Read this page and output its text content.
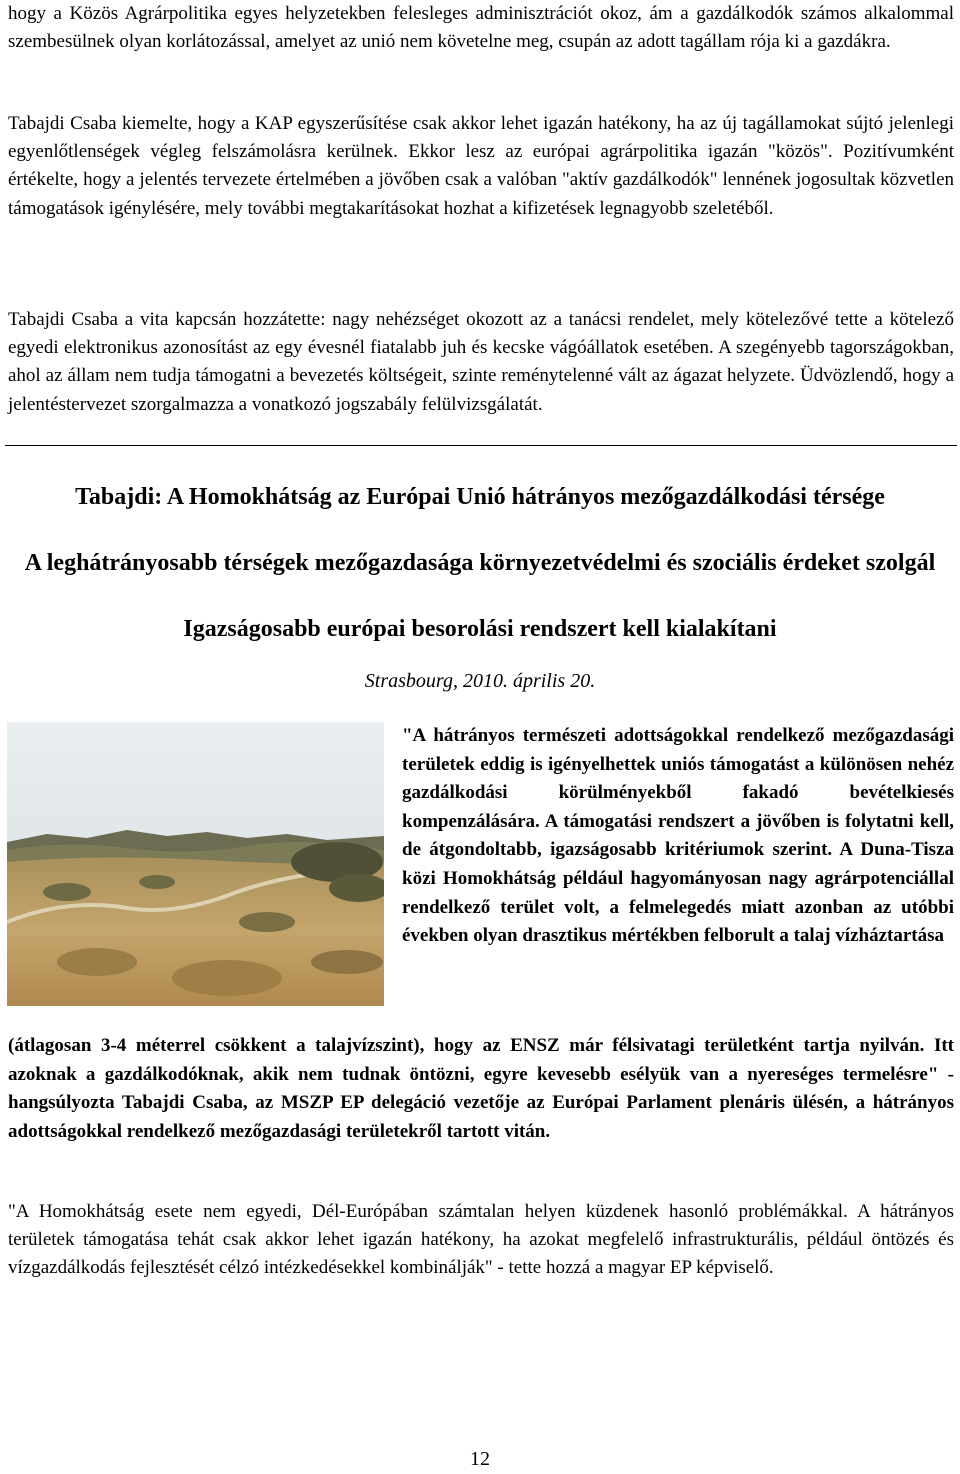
hogy a Közös Agrárpolitika egyes helyzetekben felesleges adminisztrációt okoz, ám a gazdálkodók számos alkalommal szembesülnek olyan korlátozással, amelyet az unió nem követelne meg, csupán az adott tagállam rója ki a gazdákra.

Tabajdi Csaba kiemelte, hogy a KAP egyszerűsítése csak akkor lehet igazán hatékony, ha az új tagállamokat sújtó jelenlegi egyenlőtlenségek végleg felszámolásra kerülnek. Ekkor lesz az európai agrárpolitika igazán "közös". Pozitívumként értékelte, hogy a jelentés tervezete értelmében a jövőben csak a valóban "aktív gazdálkodók" lennének jogosultak közvetlen támogatások igénylésére, mely további megtakarításokat hozhat a kifizetések legnagyobb szeletéből.

Tabajdi Csaba a vita kapcsán hozzátette: nagy nehézséget okozott az a tanácsi rendelet, mely kötelezővé tette a kötelező egyedi elektronikus azonosítást az egy évesnél fiatalabb juh és kecske vágóállatok esetében. A szegényebb tagországokban, ahol az állam nem tudja támogatni a bevezetés költségeit, szinte reménytelenné vált az ágazat helyzete. Üdvözlendő, hogy a jelentéstervezet szorgalmazza a vonatkozó jogszabály felülvizsgálatát.

Tabajdi: A Homokhátság az Európai Unió hátrányos mezőgazdálkodási térsége
A leghátrányosabb térségek mezőgazdasága környezetvédelmi és szociális érdeket szolgál
Igazságosabb európai besorolási rendszert kell kialakítani

Strasbourg, 2010. április 20.

"A hátrányos természeti adottságokkal rendelkező mezőgazdasági területek eddig is igényelhettek uniós támogatást a különösen nehéz gazdálkodási körülményekből fakadó bevételkiesés kompenzálására. A támogatási rendszert a jövőben is folytatni kell, de átgondoltabb, igazságosabb kritériumok szerint. A Duna-Tisza közi Homokhátság például hagyományosan nagy agrárpotenciállal rendelkező terület volt, a felmelegedés miatt azonban az utóbbi években olyan drasztikus mértékben felborult a talaj vízháztartása

(átlagosan 3-4 méterrel csökkent a talajvízszint), hogy az ENSZ már félsivatagi területként tartja nyilván. Itt azoknak a gazdálkodóknak, akik nem tudnak öntözni, egyre kevesebb esélyük van a nyereséges termelésre" - hangsúlyozta Tabajdi Csaba, az MSZP EP delegáció vezetője az Európai Parlament plenáris ülésén, a hátrányos adottságokkal rendelkező mezőgazdasági területekről tartott vitán.

"A Homokhátság esete nem egyedi, Dél-Európában számtalan helyen küzdenek hasonló problémákkal. A hátrányos területek támogatása tehát csak akkor lehet igazán hatékony, ha azokat megfelelő infrastrukturális, például öntözés és vízgazdálkodás fejlesztését célzó intézkedésekkel kombinálják" - tette hozzá a magyar EP képviselő.

12
